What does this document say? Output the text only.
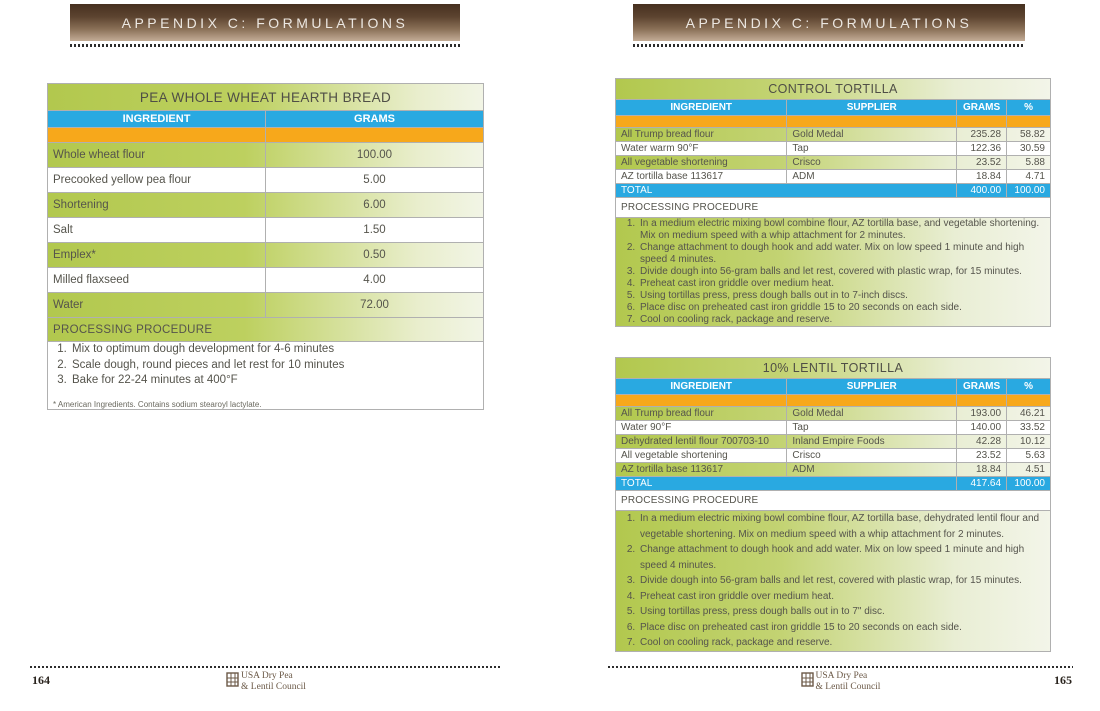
APPENDIX C: FORMULATIONS	APPENDIX C: FORMULATIONS
PEA WHOLE WHEAT HEARTH BREAD	
INGREDIENT	GRAMS

Whole wheat flour	100.00
Precooked yellow pea flour	5.00
Shortening	6.00
Salt	1.50
Emplex*	0.50
Milled flaxseed	4.00
Water	72.00
PROCESSING PROCEDURE	

1. Mix to optimum dough development for 4-6 minutes
2. Scale dough, round pieces and let rest for 10 minutes
3. Bake for 22-24 minutes at 400°F
* American Ingredients. Contains sodium stearoyl lactylate.
CONTROL TORTILLA			
INGREDIENT	SUPPLIER	GRAMS	%

All Trump bread flour	Gold Medal	235.28	58.82
Water warm 90°F	Tap	122.36	30.59
All vegetable shortening	Crisco	23.52	5.88
AZ tortilla base 113617	ADM	18.84	4.71
TOTAL		400.00	100.00
PROCESSING PROCEDURE			

1. In a medium electric mixing bowl combine flour, AZ tortilla base, and vegetable shortening. Mix on medium speed with a whip attachment for 2 minutes.
2. Change attachment to dough hook and add water. Mix on low speed 1 minute and high speed 4 minutes.
3. Divide dough into 56-gram balls and let rest, covered with plastic wrap, for 15 minutes.
4. Preheat cast iron griddle over medium heat.
5. Using tortillas press, press dough balls out in to 7-inch discs.
6. Place disc on preheated cast iron griddle 15 to 20 seconds on each side.
7. Cool on cooling rack, package and reserve.
10% LENTIL TORTILLA			
INGREDIENT	SUPPLIER	GRAMS	%

All Trump bread flour	Gold Medal	193.00	46.21
Water 90°F	Tap	140.00	33.52
Dehydrated lentil flour 700703-10	Inland Empire Foods	42.28	10.12
All vegetable shortening	Crisco	23.52	5.63
AZ tortilla base 113617	ADM	18.84	4.51
TOTAL		417.64	100.00
PROCESSING PROCEDURE			

1. In a medium electric mixing bowl combine flour, AZ tortilla base, dehydrated lentil flour and vegetable shortening. Mix on medium speed with a whip attachment for 2 minutes.
2. Change attachment to dough hook and add water. Mix on low speed 1 minute and high speed 4 minutes.
3. Divide dough into 56-gram balls and let rest, covered with plastic wrap, for 15 minutes.
4. Preheat cast iron griddle over medium heat.
5. Using tortillas press, press dough balls out in to 7" disc.
6. Place disc on preheated cast iron griddle 15 to 20 seconds on each side.
7. Cool on cooling rack, package and reserve.
164	165
USA Dry Pea
& Lentil Council
USA Dry Pea
& Lentil Council
